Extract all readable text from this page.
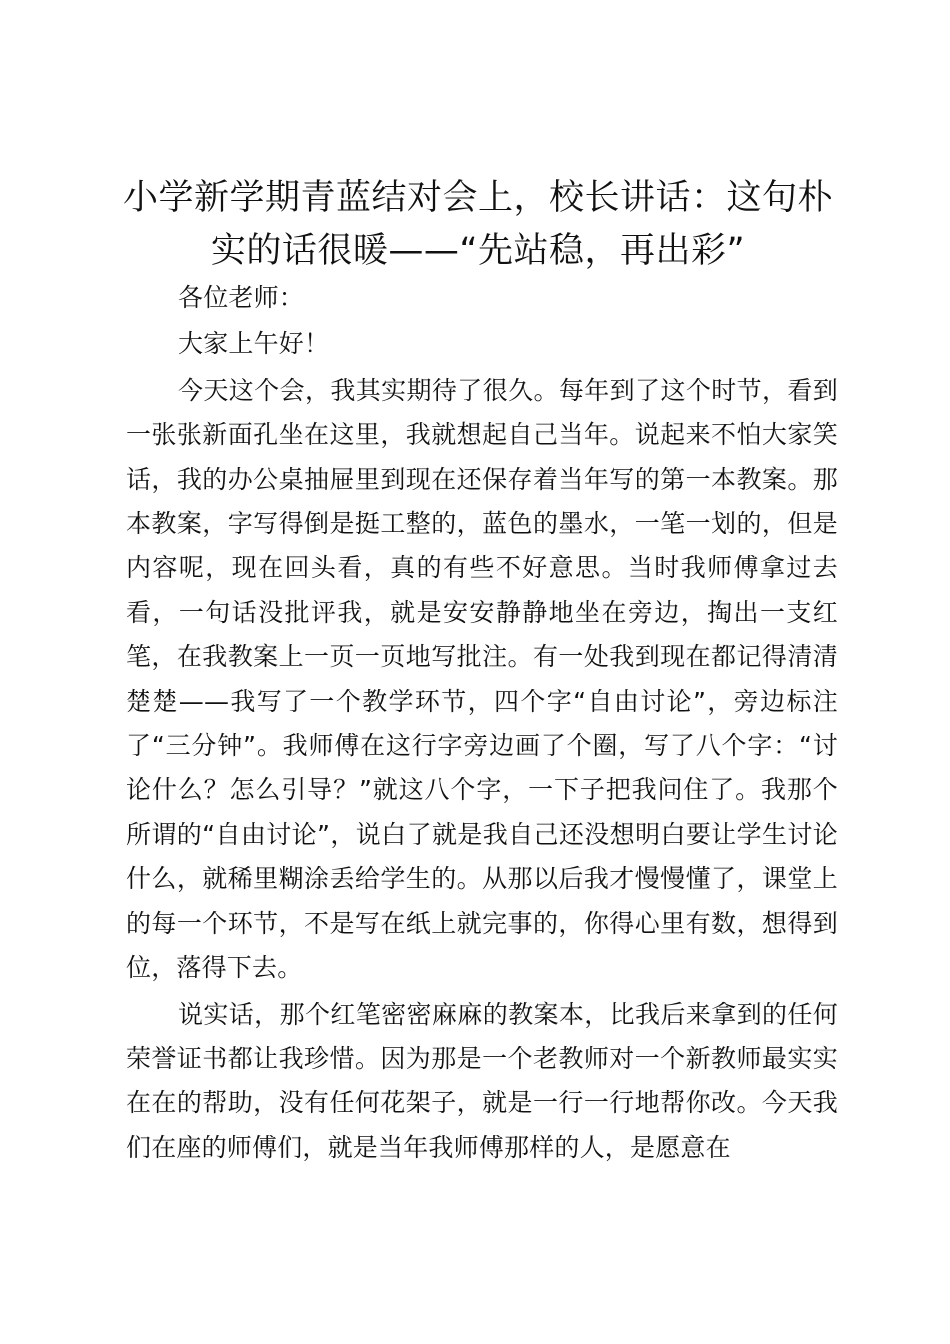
小学新学期青蓝结对会上，校长讲话：这句朴
实的话很暖——“先站稳，再出彩”

各位老师：

大家上午好！

今天这个会，我其实期待了很久。每年到了这个时节，看到一张张新面孔坐在这里，我就想起自己当年。说起来不怕大家笑话，我的办公桌抽屉里到现在还保存着当年写的第一本教案。那本教案，字写得倒是挺工整的，蓝色的墨水，一笔一划的，但是内容呢，现在回头看，真的有些不好意思。当时我师傅拿过去看，一句话没批评我，就是安安静静地坐在旁边，掏出一支红笔，在我教案上一页一页地写批注。有一处我到现在都记得清清楚楚——我写了一个教学环节，四个字“自由讨论”，旁边标注了“三分钟”。我师傅在这行字旁边画了个圈，写了八个字：“讨论什么？怎么引导？”就这八个字，一下子把我问住了。我那个所谓的“自由讨论”，说白了就是我自己还没想明白要让学生讨论什么，就稀里糊涂丢给学生的。从那以后我才慢慢懂了，课堂上的每一个环节，不是写在纸上就完事的，你得心里有数，想得到位，落得下去。

说实话，那个红笔密密麻麻的教案本，比我后来拿到的任何荣誉证书都让我珍惜。因为那是一个老教师对一个新教师最实实在在的帮助，没有任何花架子，就是一行一行地帮你改。今天我们在座的师傅们，就是当年我师傅那样的人，是愿意在
